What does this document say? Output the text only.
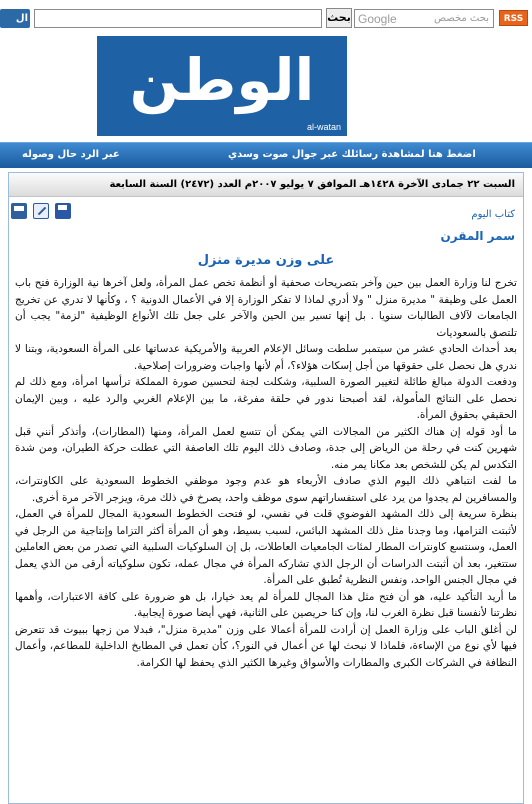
RSS
بحث مخصص
Google
بحث
ال
الوطن
al-watan
اضغط هنا لمشاهدة رسائلك عبر جوال صوت وسدي
عبر الرد حال وصوله
السبت ٢٢ جمادى الآخرة ١٤٢٨هـ الموافق ٧ يوليو ٢٠٠٧م العدد (٢٤٧٢) السنة السابعة
كتاب اليوم
سمر المقرن
على وزن مديرة منزل

تخرج لنا وزارة العمل بين حين وآخر بتصريحات صحفية أو أنظمة تخص عمل المرأة، ولعل آخرها نية الوزارة فتح باب العمل على وظيفة " مديرة منزل " ولا أدري لماذا لا تفكر الوزارة إلا في الأعمال الدونية ؟ ، وكأنها لا تدري عن تخريج الجامعات لآلاف الطالبات سنويا . بل إنها تسير بين الحين والآخر على جعل تلك الأنواع الوظيفية "لزمة" يجب أن تلتصق بالسعوديات

بعد أحداث الحادي عشر من سبتمبر سلطت وسائل الإعلام العربية والأمريكية عدساتها على المرأة السعودية، وبتنا لا ندري هل نحصل على حقوقها من أجل إسكات هؤلاء؟، أم لأنها واجبات وضرورات إصلاحية.

ودفعت الدولة مبالغ طائلة لتغيير الصورة السلبية، وشكلت لجنة لتحسين صورة المملكة ترأسها امرأة، ومع ذلك لم نحصل على النتائج المأمولة، لقد أصبحنا ندور في حلقة مفرغة، ما بين الإعلام الغربي والرد عليه ، وبين الإيمان الحقيقي بحقوق المرأة.

ما أود قوله إن هناك الكثير من المجالات التي يمكن أن تتسع لعمل المرأة، ومنها (المطارات)، وأتذكر أنني قبل شهرين كنت في رحلة من الرياض إلى جدة، وصادف ذلك اليوم تلك العاصفة التي عطلت حركة الطيران، ومن شدة التكدس لم يكن للشخص بعد مكانا يمر منه.

ما لفت انتباهي ذلك اليوم الذي صادف الأربعاء هو عدم وجود موظفي الخطوط السعودية على الكاونترات، والمسافرين لم يجدوا من يرد على استفساراتهم سوى موظف واحد، يصرخ في ذلك مرة، ويزجر الآخر مرة أخرى.

بنظرة سريعة إلى ذلك المشهد الفوضوي قلت في نفسي، لو فتحت الخطوط السعودية المجال للمرأة في العمل، لأثبتت التزامها، وما وجدنا مثل ذلك المشهد البائس، لسبب بسيط، وهو أن المرأة أكثر التزاما وإنتاجية من الرجل في العمل، وسنتسع كاونترات المطار لمئات الجامعيات العاطلات، بل إن السلوكيات السلبية التي تصدر من بعض العاملين ستتغير، بعد أن أثبتت الدراسات أن الرجل الذي تشاركه المرأة في مجال عمله، تكون سلوكياته أرقى من الذي يعمل في مجال الجنس الواحد، ونفس النظرية تُطبق على المرأة.

ما أريد التأكيد عليه، هو أن فتح مثل هذا المجال للمرأة لم يعد خيارا، بل هو ضرورة على كافة الاعتبارات، وأهمها نظرتنا لأنفسنا قبل نظرة الغرب لنا، وإن كنا حريصين على الثانية، فهي أيضا صورة إيجابية.

لن أغلق الباب على وزارة العمل إن أرادت للمرأة أعمالا على وزن "مديرة منزل"، فبدلا من زجها ببيوت قد تتعرض فيها لأي نوع من الإساءة، فلماذا لا نبحث لها عن أعمال في النور؟، كأن تعمل في المطابخ الداخلية للمطاعم، وأعمال النظافة في الشركات الكبرى والمطارات والأسواق وغيرها الكثير الذي يحفظ لها الكرامة.
